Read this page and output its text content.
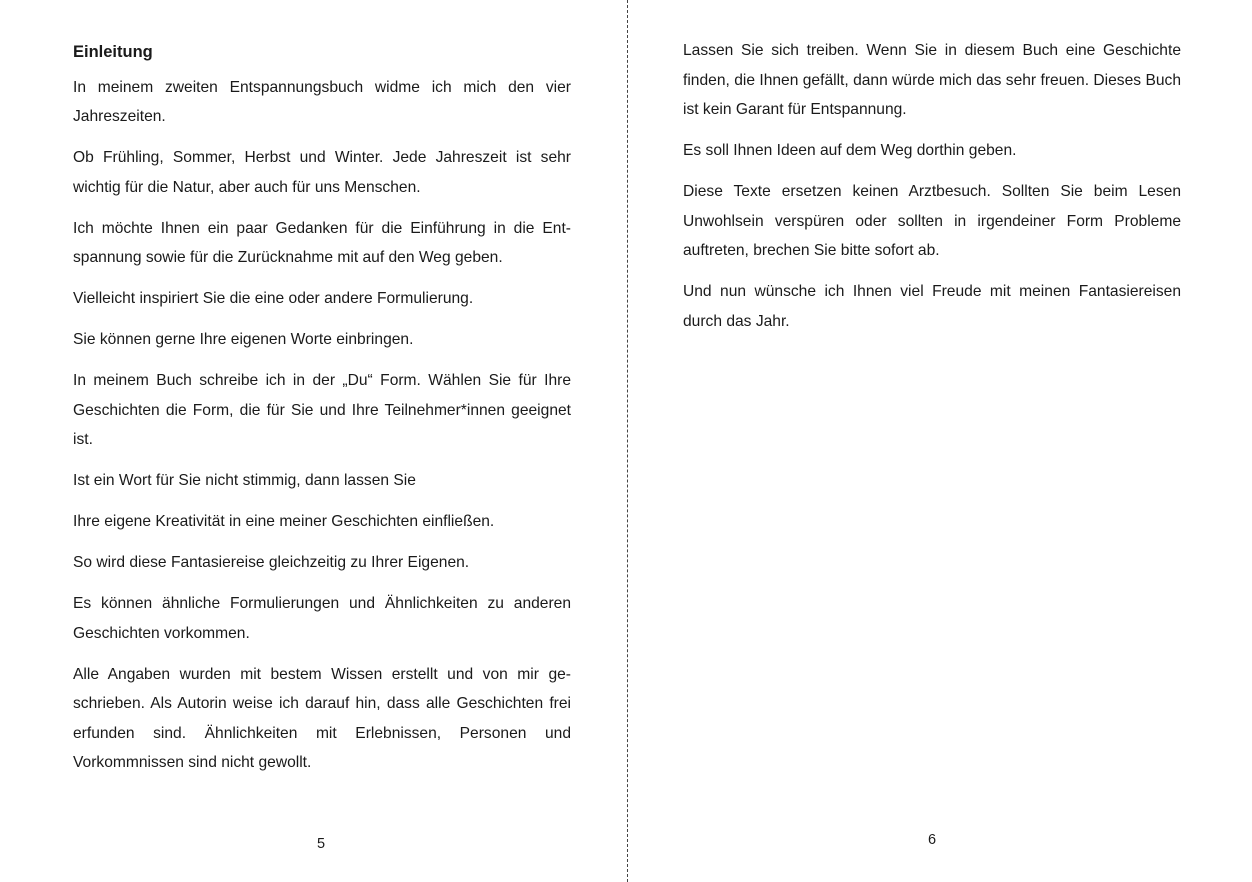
Einleitung

In meinem zweiten Entspannungsbuch widme ich mich den vier Jahreszeiten.

Ob Frühling, Sommer, Herbst und Winter. Jede Jahreszeit ist sehr wichtig für die Natur, aber auch für uns Menschen.

Ich möchte Ihnen ein paar Gedanken für die Einführung in die Entspannung sowie für die Zurücknahme mit auf den Weg geben.

Vielleicht inspiriert Sie die eine oder andere Formulierung.

Sie können gerne Ihre eigenen Worte einbringen.

In meinem Buch schreibe ich in der „Du“ Form. Wählen Sie für Ihre Geschichten die Form, die für Sie und Ihre Teilnehmer*innen geeignet ist.

Ist ein Wort für Sie nicht stimmig, dann lassen Sie

Ihre eigene Kreativität in eine meiner Geschichten einfließen.

So wird diese Fantasiereise gleichzeitig zu Ihrer Eigenen.

Es können ähnliche Formulierungen und Ähnlichkeiten zu anderen Geschichten vorkommen.

Alle Angaben wurden mit bestem Wissen erstellt und von mir geschrieben. Als Autorin weise ich darauf hin, dass alle Geschichten frei erfunden sind. Ähnlichkeiten mit Erlebnissen, Personen und Vorkommnissen sind nicht gewollt.

5

Lassen Sie sich treiben. Wenn Sie in diesem Buch eine Geschichte finden, die Ihnen gefällt, dann würde mich das sehr freuen. Dieses Buch ist kein Garant für Entspannung.

Es soll Ihnen Ideen auf dem Weg dorthin geben.

Diese Texte ersetzen keinen Arztbesuch. Sollten Sie beim Lesen Unwohlsein verspüren oder sollten in irgendeiner Form Probleme auftreten, brechen Sie bitte sofort ab.

Und nun wünsche ich Ihnen viel Freude mit meinen Fantasiereisen durch das Jahr.

6
